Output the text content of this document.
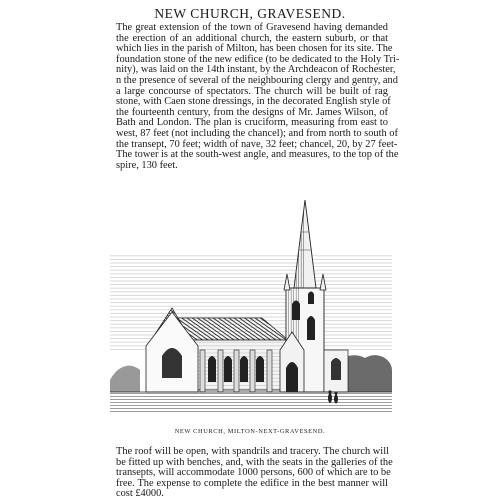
NEW CHURCH, GRAVESEND.
The great extension of the town of Gravesend having demanded
the erection of an additional church, the eastern suburb, or that
which lies in the parish of Milton, has been chosen for its site. The
foundation stone of the new edifice (to be dedicated to the Holy Tri-
nity), was laid on the 14th instant, by the Archdeacon of Rochester,
n the presence of several of the neighbouring clergy and gentry, and
a large concourse of spectators. The church will be built of rag
stone, with Caen stone dressings, in the decorated English style of
the fourteenth century, from the designs of Mr. James Wilson, of
Bath and London. The plan is cruciform, measuring from east to
west, 87 feet (not including the chancel); and from north to south of
the transept, 70 feet; width of nave, 32 feet; chancel, 20, by 27 feet-
The tower is at the south-west angle, and measures, to the top of the
spire, 130 feet.
NEW CHURCH, MILTON-NEXT-GRAVESEND.
The roof will be open, with spandrils and tracery. The church will
be fitted up with benches, and, with the seats in the galleries of the
transepts, will accommodate 1000 persons, 600 of which are to be
free. The expense to complete the edifice in the best manner will
cost £4000.
